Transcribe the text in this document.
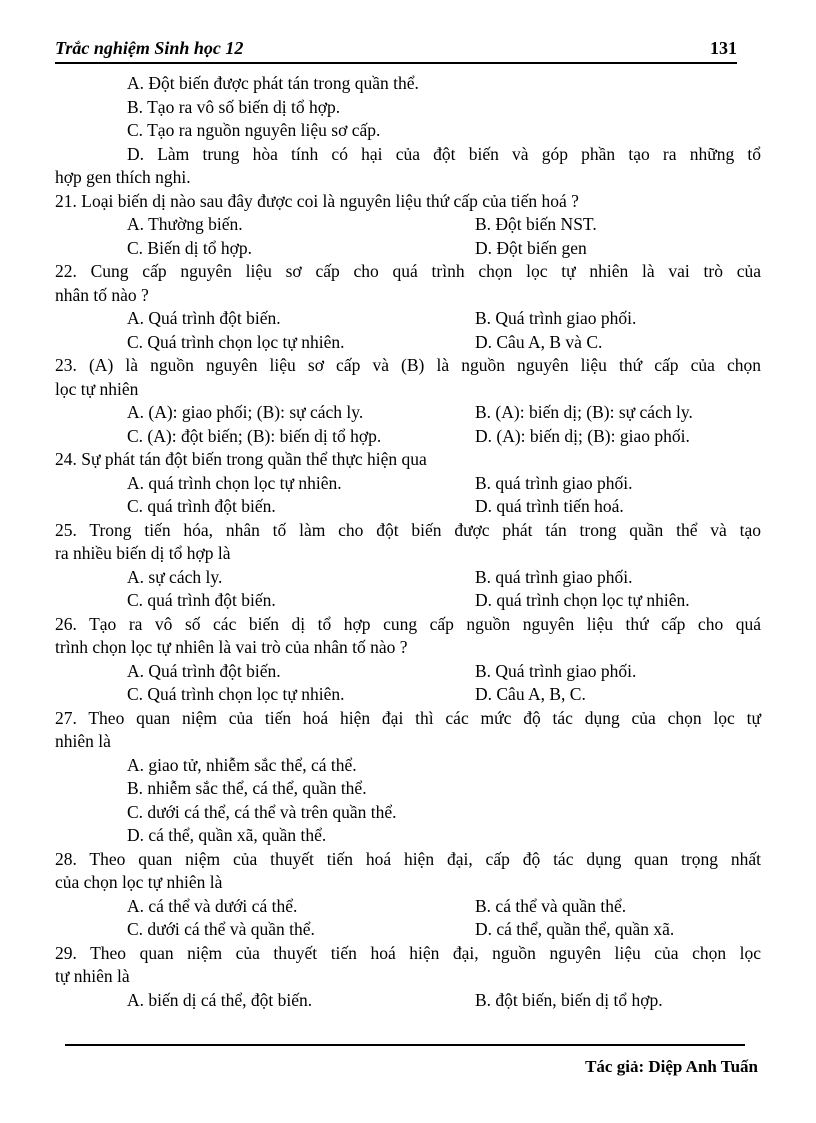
Trắc nghiệm Sinh học 12	131
A. Đột biến được phát tán trong quần thể.
B. Tạo ra vô số biến dị tổ hợp.
C. Tạo ra nguồn nguyên liệu sơ cấp.
D. Làm trung hòa tính có hại của đột biến và góp phần tạo ra những tổ
hợp gen thích nghi.
21. Loại biến dị nào sau đây được coi là nguyên liệu thứ cấp của tiến hoá ?
A. Thường biến.	B. Đột biến NST.
C. Biến dị tổ hợp.	D. Đột biến gen
22. Cung cấp nguyên liệu sơ cấp cho quá trình chọn lọc tự nhiên là vai trò của
nhân tố nào ?
A. Quá trình đột biến.	B. Quá trình giao phối.
C. Quá trình chọn lọc tự nhiên.	D. Câu A, B và C.
23. (A) là nguồn nguyên liệu sơ cấp và (B) là nguồn nguyên liệu thứ cấp của chọn
lọc tự nhiên
A. (A): giao phối; (B): sự cách ly.	B. (A): biến dị; (B): sự cách ly.
C. (A): đột biến; (B): biến dị tổ hợp.	D. (A): biến dị; (B): giao phối.
24. Sự phát tán đột biến trong quần thể thực hiện qua
A. quá trình chọn lọc tự nhiên.	B. quá trình giao phối.
C. quá trình đột biến.	D. quá trình tiến hoá.
25. Trong tiến hóa, nhân tố làm cho đột biến được phát tán trong quần thể và tạo
ra nhiều biến dị tổ hợp là
A. sự cách ly.	B. quá trình giao phối.
C. quá trình đột biến.	D. quá trình chọn lọc tự nhiên.
26. Tạo ra vô số các biến dị tổ hợp cung cấp nguồn nguyên liệu thứ cấp cho quá
trình chọn lọc tự nhiên là vai trò của nhân tố nào ?
A. Quá trình đột biến.	B. Quá trình giao phối.
C. Quá trình chọn lọc tự nhiên.	D. Câu A, B, C.
27. Theo quan niệm của tiến hoá hiện đại thì các mức độ tác dụng của chọn lọc tự
nhiên là
A. giao tử, nhiễm sắc thể, cá thể.
B. nhiễm sắc thể, cá thể, quần thể.
C. dưới cá thể, cá thể và trên quần thể.
D. cá thể, quần xã, quần thể.
28. Theo quan niệm của thuyết tiến hoá hiện đại, cấp độ tác dụng quan trọng nhất
của chọn lọc tự nhiên là
A. cá thể và dưới cá thể.	B. cá thể và quần thể.
C. dưới cá thể và quần thể.	D. cá thể, quần thể, quần xã.
29. Theo quan niệm của thuyết tiến hoá hiện đại, nguồn nguyên liệu của chọn lọc
tự nhiên là
A. biến dị cá thể, đột biến.	B. đột biến, biến dị tổ hợp.
Tác giả: Diệp Anh Tuấn
